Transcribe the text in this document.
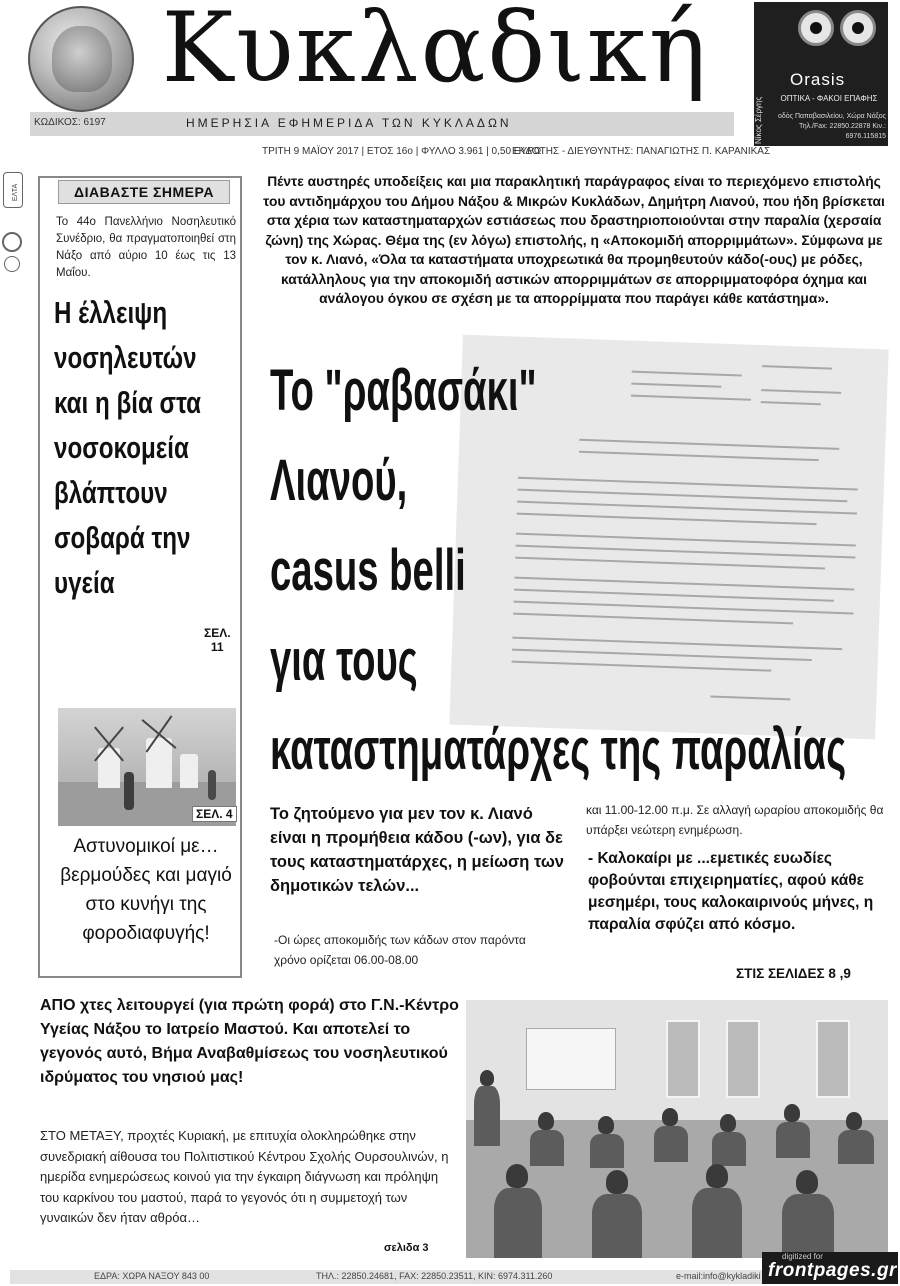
Κυκλαδική
Νίκος Σέργης
Orasis
ΟΠΤΙΚΑ - ΦΑΚΟΙ ΕΠΑΦΗΣ
οδός Παπαβασιλείου, Χώρα Νάξος
Τηλ./Fax: 22850.22878 Κιν.: 6976.115815
ΚΩΔΙΚΟΣ: 6197	ΗΜΕΡΗΣΙΑ ΕΦΗΜΕΡΙΔΑ ΤΩΝ ΚΥΚΛΑΔΩΝ
ΤΡΙΤΗ 9 ΜΑΪΟΥ 2017 | ΕΤΟΣ 16ο | ΦΥΛΛΟ 3.961 | 0,50 ΕΥΡΩ
ΕΚΔΟΤΗΣ - ΔΙΕΥΘΥΝΤΗΣ: ΠΑΝΑΓΙΩΤΗΣ Π. ΚΑΡΑΝΙΚΑΣ
ΕΛΤΑ	ΔΙΑΒΑΣΤΕ ΣΗΜΕΡΑ
Το 44ο Πανελλήνιο Νοσηλευτικό Συνέδριο, θα πραγματοποιηθεί στη Νάξο από αύριο 10 έως τις 13 Μαΐου.
Η έλλειψη
νοσηλευτών
και η βία στα
νοσοκομεία
βλάπτουν
σοβαρά την
υγεία
ΣΕΛ.
11
ΣΕΛ. 4
Αστυνομικοί με… βερμούδες και μαγιό στο κυνήγι της φοροδιαφυγής!
Πέντε αυστηρές υποδείξεις και μια παρακλητική παράγραφος είναι το περιεχόμενο επιστολής του αντιδημάρχου του Δήμου Νάξου & Μικρών Κυκλάδων, Δημήτρη Λιανού, που ήδη βρίσκεται στα χέρια των καταστηματαρχών εστιάσεως που δραστηριοποιούνται στην παραλία (χερσαία ζώνη) της Χώρας. Θέμα της (εν λόγω) επιστολής, η «Αποκομιδή απορριμμάτων». Σύμφωνα με τον κ. Λιανό, «Όλα τα καταστήματα υποχρεωτικά θα προμηθευτούν κάδο(-ους) με ρόδες, κατάλληλους για την αποκομιδή αστικών απορριμμάτων σε απορριμματοφόρα όχημα και ανάλογου όγκου σε σχέση με τα απορρίμματα που παράγει κάθε κατάστημα».
Το "ραβασάκι"
Λιανού,
casus belli
για τους
καταστηματάρχες της παραλίας
Το ζητούμενο για μεν τον κ. Λιανό είναι η προμήθεια κάδου (-ων), για δε τους καταστηματάρχες, η μείωση των δημοτικών τελών...
-Οι ώρες αποκομιδής των κάδων στον παρόντα χρόνο ορίζεται 06.00-08.00
και 11.00-12.00 π.μ. Σε αλλαγή ωραρίου αποκομιδής θα υπάρξει νεώτερη ενημέρωση.
- Καλοκαίρι με ...εμετικές ευωδίες φοβούνται επιχειρηματίες, αφού κάθε μεσημέρι, τους καλοκαιρινούς μήνες, η παραλία σφύζει από κόσμο.
ΣΤΙΣ ΣΕΛΙΔΕΣ 8 ,9
ΑΠΟ χτες λειτουργεί (για πρώτη φορά) στο Γ.Ν.-Κέντρο Υγείας Νάξου το Ιατρείο Μαστού. Και αποτελεί το γεγονός αυτό, Βήμα Αναβαθμίσεως του νοσηλευτικού ιδρύματος του νησιού μας!
ΣΤΟ ΜΕΤΑΞΥ, προχτές Κυριακή, με επιτυχία ολοκληρώθηκε στην συνεδριακή αίθουσα του Πολιτιστικού Κέντρου Σχολής Ουρσουλινών, η ημερίδα ενημερώσεως κοινού για την έγκαιρη διάγνωση και πρόληψη του καρκίνου του μαστού, παρά το γεγονός ότι η συμμετοχή των γυναικών δεν ήταν αθρόα…
σελιδα 3
ΕΔΡΑ: ΧΩΡΑ ΝΑΞΟΥ 843 00	ΤΗΛ.: 22850.24681, FAX: 22850.23511, ΚΙΝ: 6974.311.260	e-mail:info@kykladiki
digitized for
frontpages.gr
